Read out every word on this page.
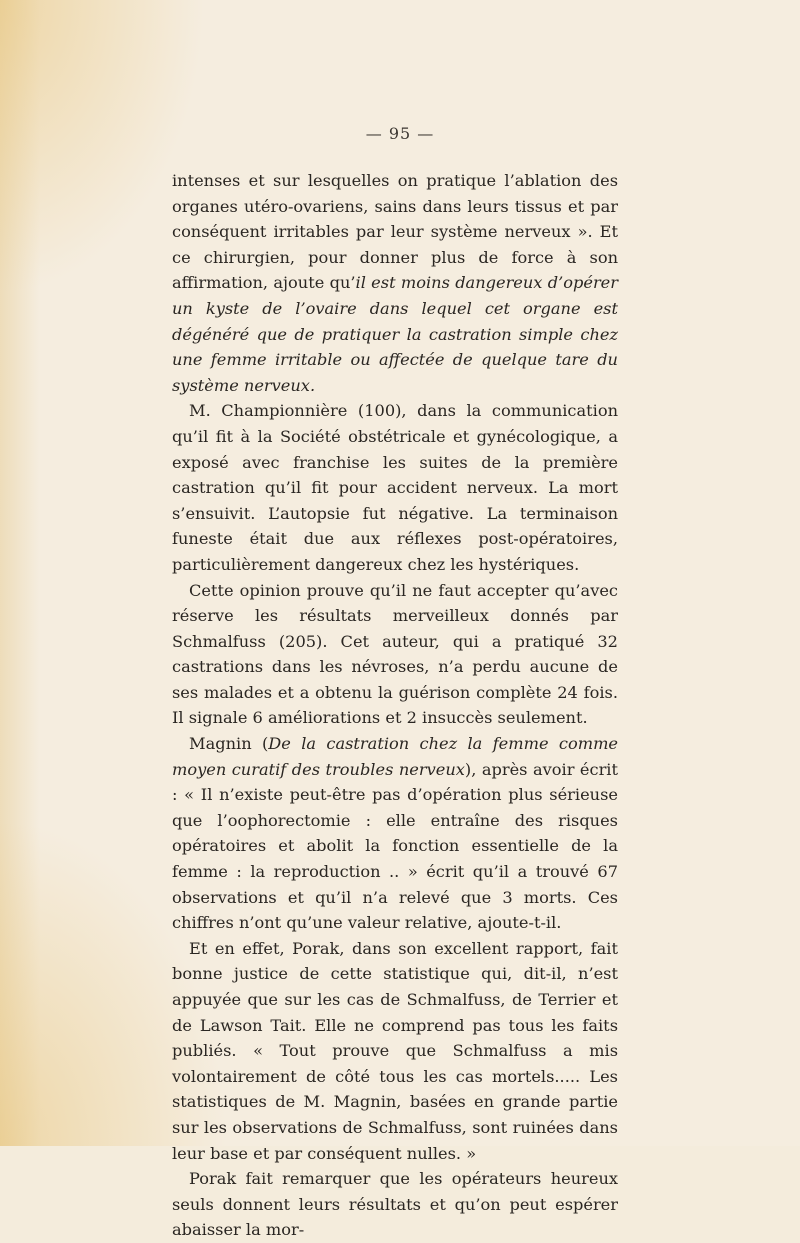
— 95 —

intenses et sur lesquelles on pratique l’ablation des organes utéro-ovariens, sains dans leurs tissus et par conséquent irritables par leur système nerveux ». Et ce chirurgien, pour donner plus de force à son affirmation, ajoute qu’il est moins dangereux d’opérer un kyste de l’ovaire dans lequel cet organe est dégénéré que de pratiquer la castration simple chez une femme irritable ou affectée de quelque tare du système nerveux.

M. Championnière (100), dans la communication qu’il fit à la Société obstétricale et gynécologique, a exposé avec franchise les suites de la première castration qu’il fit pour accident nerveux. La mort s’ensuivit. L’autopsie fut négative. La terminaison funeste était due aux réflexes post-opératoires, particulièrement dangereux chez les hystériques.

Cette opinion prouve qu’il ne faut accepter qu’avec réserve les résultats merveilleux donnés par Schmalfuss (205). Cet auteur, qui a pratiqué 32 castrations dans les névroses, n’a perdu aucune de ses malades et a obtenu la guérison complète 24 fois. Il signale 6 améliorations et 2 insuccès seulement.

Magnin (De la castration chez la femme comme moyen curatif des troubles nerveux), après avoir écrit : « Il n’existe peut-être pas d’opération plus sérieuse que l’oophorectomie : elle entraîne des risques opératoires et abolit la fonction essentielle de la femme : la reproduction .. » écrit qu’il a trouvé 67 observations et qu’il n’a relevé que 3 morts. Ces chiffres n’ont qu’une valeur relative, ajoute-t-il.

Et en effet, Porak, dans son excellent rapport, fait bonne justice de cette statistique qui, dit-il, n’est appuyée que sur les cas de Schmalfuss, de Terrier et de Lawson Tait. Elle ne comprend pas tous les faits publiés. « Tout prouve que Schmalfuss a mis volontairement de côté tous les cas mortels..... Les statistiques de M. Magnin, basées en grande partie sur les observations de Schmalfuss, sont ruinées dans leur base et par conséquent nulles. »

Porak fait remarquer que les opérateurs heureux seuls donnent leurs résultats et qu’on peut espérer abaisser la mor-
